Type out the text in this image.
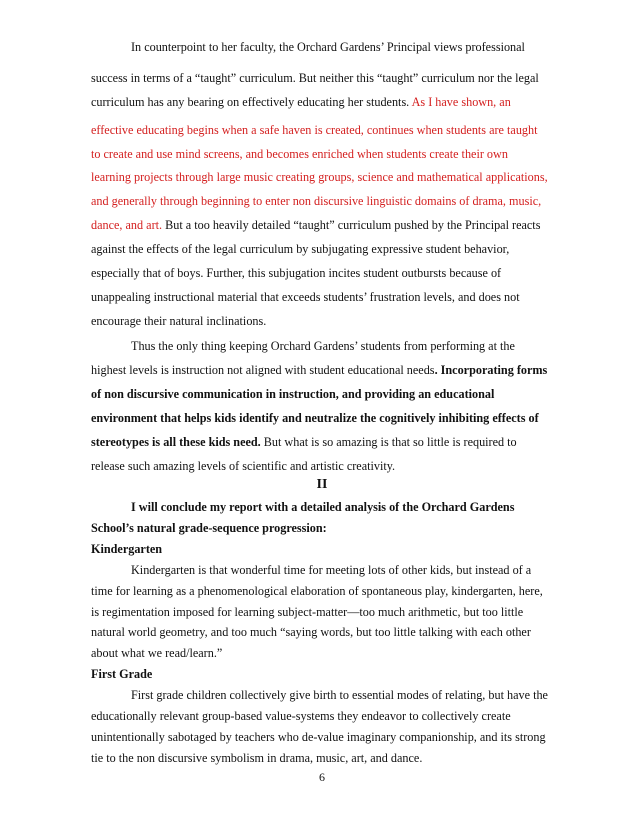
In counterpoint to her faculty, the Orchard Gardens’ Principal views professional
success in terms of a “taught” curriculum. But neither this “taught” curriculum nor the legal
curriculum has any bearing on effectively educating her students. As I have shown, an
effective educating begins when a safe haven is created, continues when students are taught
to create and use mind screens, and becomes enriched when students create their own
learning projects through large music creating groups, science and mathematical applications,
and generally through beginning to enter non discursive linguistic domains of drama, music,
dance, and art. But a too heavily detailed “taught” curriculum pushed by the Principal reacts
against the effects of the legal curriculum by subjugating expressive student behavior,
especially that of boys. Further, this subjugation incites student outbursts because of
unappealing instructional material that exceeds students’ frustration levels, and does not
encourage their natural inclinations.
Thus the only thing keeping Orchard Gardens’ students from performing at the
highest levels is instruction not aligned with student educational needs. Incorporating forms
of non discursive communication in instruction, and providing an educational
environment that helps kids identify and neutralize the cognitively inhibiting effects of
stereotypes is all these kids need. But what is so amazing is that so little is required to
release such amazing levels of scientific and artistic creativity.
II
I will conclude my report with a detailed analysis of the Orchard Gardens
School’s natural grade-sequence progression:
Kindergarten
Kindergarten is that wonderful time for meeting lots of other kids, but instead of a
time for learning as a phenomenological elaboration of spontaneous play, kindergarten, here,
is regimentation imposed for learning subject-matter—too much arithmetic, but too little
natural world geometry, and too much “saying words, but too little talking with each other
about what we read/learn.”
First Grade
First grade children collectively give birth to essential modes of relating, but have the
educationally relevant group-based value-systems they endeavor to collectively create
unintentionally sabotaged by teachers who de-value imaginary companionship, and its strong
tie to the non discursive symbolism in drama, music, art, and dance.
6
